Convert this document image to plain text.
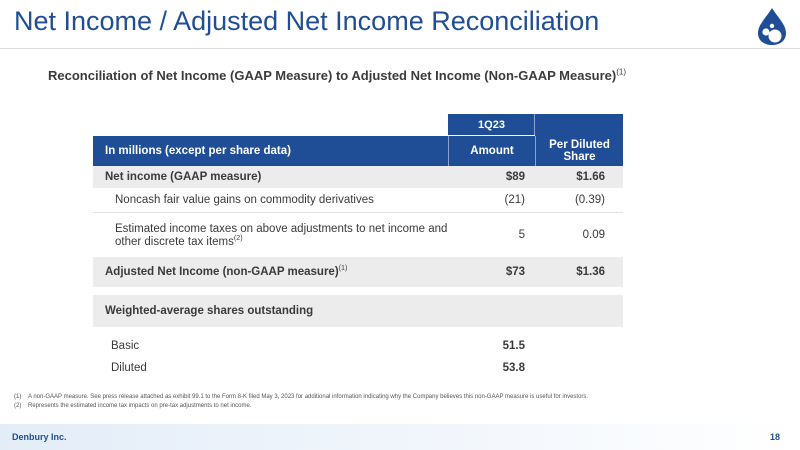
Net Income / Adjusted Net Income Reconciliation
Reconciliation of Net Income (GAAP Measure) to Adjusted Net Income (Non-GAAP Measure)$^{(1)}$
1Q23
In millions (except per share data)	Amount	Per Diluted Share
Net income (GAAP measure)	$89	$1.66
Noncash fair value gains on commodity derivatives	(21)	(0.39)
Estimated income taxes on above adjustments to net income and other discrete tax items$^{(2)}$	5	0.09
Adjusted Net Income (non-GAAP measure)$^{(1)}$	$73	$1.36
Weighted-average shares outstanding
Basic	51.5
Diluted	53.8
(1) A non-GAAP measure. See press release attached as exhibit 99.1 to the Form 8-K filed May 3, 2023 for additional information indicating why the Company believes this non-GAAP measure is useful for investors.
(2) Represents the estimated income tax impacts on pre-tax adjustments to net income.
Denbury Inc.	18
